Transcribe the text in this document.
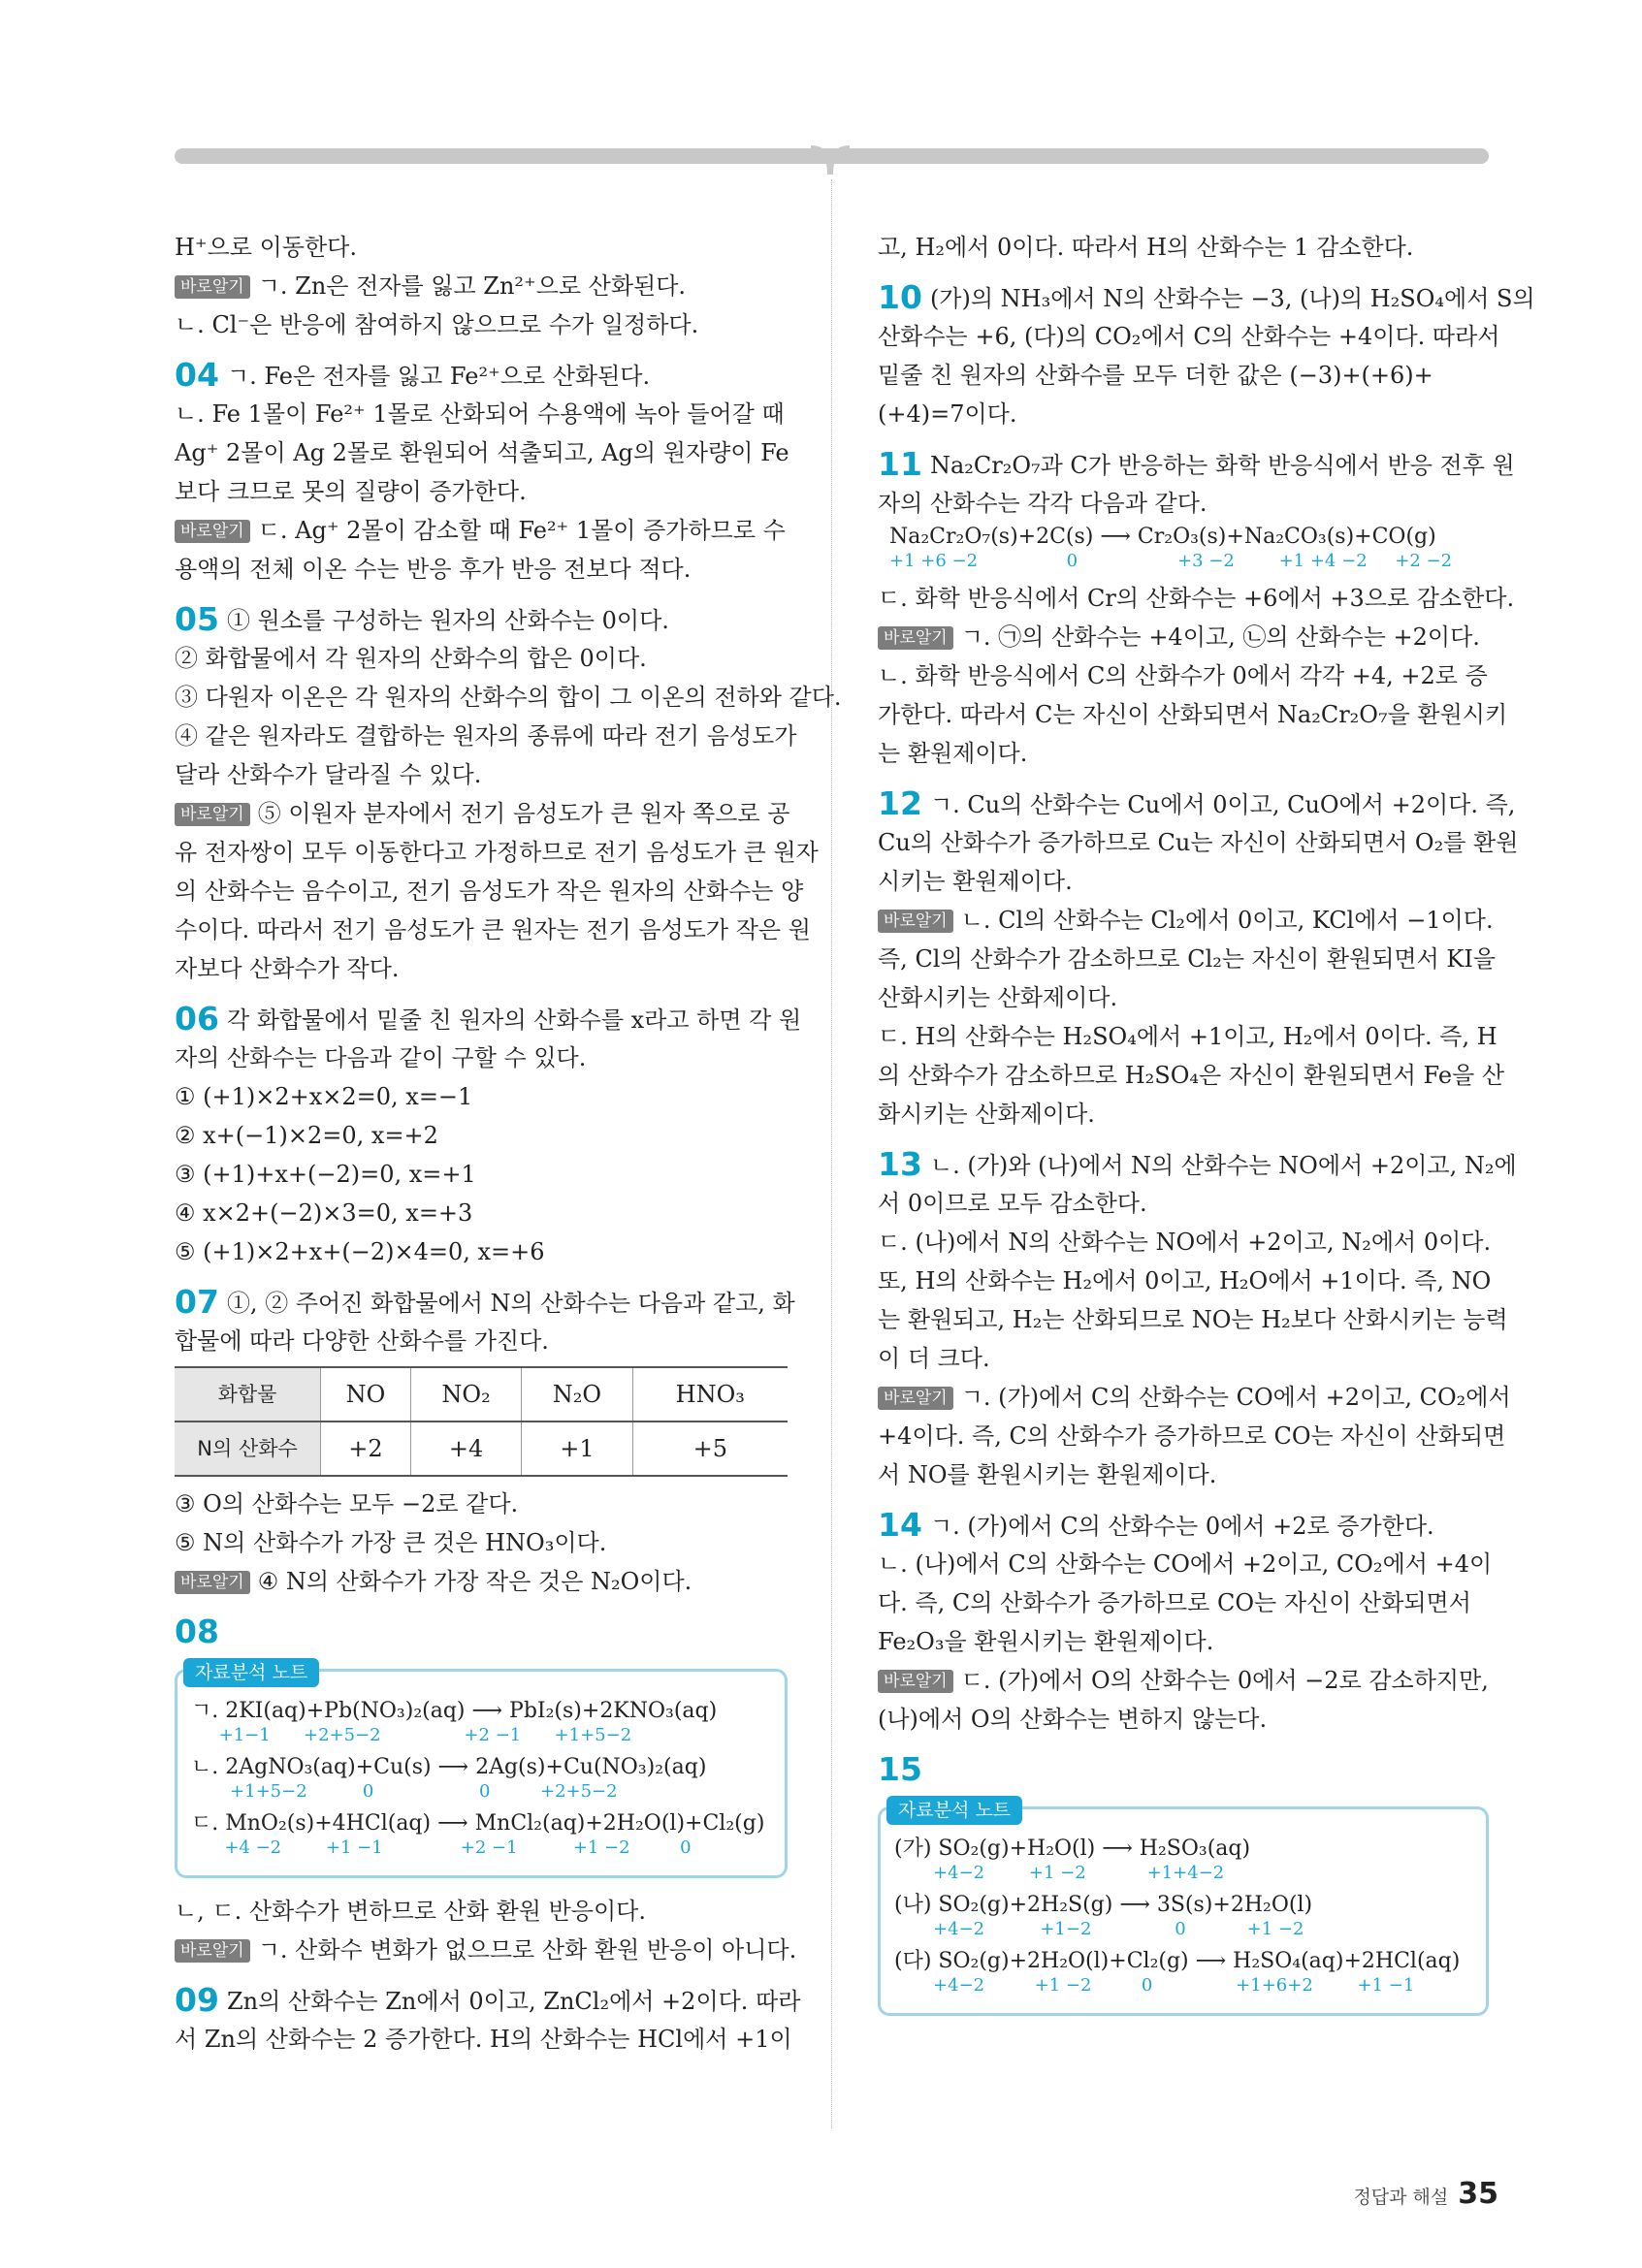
H⁺으로 이동한다.
바로알기 ㄱ. Zn은 전자를 잃고 Zn²⁺으로 산화된다.
ㄴ. Cl⁻은 반응에 참여하지 않으므로 수가 일정하다.
04 ㄱ. Fe은 전자를 잃고 Fe²⁺으로 산화된다.
ㄴ. Fe 1몰이 Fe²⁺ 1몰로 산화되어 수용액에 녹아 들어갈 때
Ag⁺ 2몰이 Ag 2몰로 환원되어 석출되고, Ag의 원자량이 Fe
보다 크므로 못의 질량이 증가한다.
바로알기 ㄷ. Ag⁺ 2몰이 감소할 때 Fe²⁺ 1몰이 증가하므로 수
용액의 전체 이온 수는 반응 후가 반응 전보다 적다.
05 ① 원소를 구성하는 원자의 산화수는 0이다.
② 화합물에서 각 원자의 산화수의 합은 0이다.
③ 다원자 이온은 각 원자의 산화수의 합이 그 이온의 전하와 같다.
④ 같은 원자라도 결합하는 원자의 종류에 따라 전기 음성도가
달라 산화수가 달라질 수 있다.
바로알기 ⑤ 이원자 분자에서 전기 음성도가 큰 원자 쪽으로 공
유 전자쌍이 모두 이동한다고 가정하므로 전기 음성도가 큰 원자
의 산화수는 음수이고, 전기 음성도가 작은 원자의 산화수는 양
수이다. 따라서 전기 음성도가 큰 원자는 전기 음성도가 작은 원
자보다 산화수가 작다.
06 각 화합물에서 밑줄 친 원자의 산화수를 x라고 하면 각 원
자의 산화수는 다음과 같이 구할 수 있다.
① (+1)×2+x×2=0, x=−1
② x+(−1)×2=0, x=+2
③ (+1)+x+(−2)=0, x=+1
④ x×2+(−2)×3=0, x=+3
⑤ (+1)×2+x+(−2)×4=0, x=+6
07 ①, ② 주어진 화합물에서 N의 산화수는 다음과 같고, 화
합물에 따라 다양한 산화수를 가진다.
화합물	NO	NO₂	N₂O	HNO₃
N의 산화수	+2	+4	+1	+5
③ O의 산화수는 모두 −2로 같다.
⑤ N의 산화수가 가장 큰 것은 HNO₃이다.
바로알기 ④ N의 산화수가 가장 작은 것은 N₂O이다.
08
자료분석 노트
ㄱ. 2KI(aq)+Pb(NO₃)₂(aq) ⟶ PbI₂(s)+2KNO₃(aq)
+1−1      +2+5−2               +2 −1      +1+5−2
ㄴ. 2AgNO₃(aq)+Cu(s) ⟶ 2Ag(s)+Cu(NO₃)₂(aq)
+1+5−2          0                   0         +2+5−2
ㄷ. MnO₂(s)+4HCl(aq) ⟶ MnCl₂(aq)+2H₂O(l)+Cl₂(g)
+4 −2        +1 −1              +2 −1          +1 −2         0
ㄴ, ㄷ. 산화수가 변하므로 산화 환원 반응이다.
바로알기 ㄱ. 산화수 변화가 없으므로 산화 환원 반응이 아니다.
09 Zn의 산화수는 Zn에서 0이고, ZnCl₂에서 +2이다. 따라
서 Zn의 산화수는 2 증가한다. H의 산화수는 HCl에서 +1이
고, H₂에서 0이다. 따라서 H의 산화수는 1 감소한다.
10 (가)의 NH₃에서 N의 산화수는 −3, (나)의 H₂SO₄에서 S의
산화수는 +6, (다)의 CO₂에서 C의 산화수는 +4이다. 따라서
밑줄 친 원자의 산화수를 모두 더한 값은 (−3)+(+6)+
(+4)=7이다.
11 Na₂Cr₂O₇과 C가 반응하는 화학 반응식에서 반응 전후 원
자의 산화수는 각각 다음과 같다.
Na₂Cr₂O₇(s)+2C(s) ⟶ Cr₂O₃(s)+Na₂CO₃(s)+CO(g)
+1 +6 −2                0                  +3 −2        +1 +4 −2     +2 −2
ㄷ. 화학 반응식에서 Cr의 산화수는 +6에서 +3으로 감소한다.
바로알기 ㄱ. ㉠의 산화수는 +4이고, ㉡의 산화수는 +2이다.
ㄴ. 화학 반응식에서 C의 산화수가 0에서 각각 +4, +2로 증
가한다. 따라서 C는 자신이 산화되면서 Na₂Cr₂O₇을 환원시키
는 환원제이다.
12 ㄱ. Cu의 산화수는 Cu에서 0이고, CuO에서 +2이다. 즉,
Cu의 산화수가 증가하므로 Cu는 자신이 산화되면서 O₂를 환원
시키는 환원제이다.
바로알기 ㄴ. Cl의 산화수는 Cl₂에서 0이고, KCl에서 −1이다.
즉, Cl의 산화수가 감소하므로 Cl₂는 자신이 환원되면서 KI을
산화시키는 산화제이다.
ㄷ. H의 산화수는 H₂SO₄에서 +1이고, H₂에서 0이다. 즉, H
의 산화수가 감소하므로 H₂SO₄은 자신이 환원되면서 Fe을 산
화시키는 산화제이다.
13 ㄴ. (가)와 (나)에서 N의 산화수는 NO에서 +2이고, N₂에
서 0이므로 모두 감소한다.
ㄷ. (나)에서 N의 산화수는 NO에서 +2이고, N₂에서 0이다.
또, H의 산화수는 H₂에서 0이고, H₂O에서 +1이다. 즉, NO
는 환원되고, H₂는 산화되므로 NO는 H₂보다 산화시키는 능력
이 더 크다.
바로알기 ㄱ. (가)에서 C의 산화수는 CO에서 +2이고, CO₂에서
+4이다. 즉, C의 산화수가 증가하므로 CO는 자신이 산화되면
서 NO를 환원시키는 환원제이다.
14 ㄱ. (가)에서 C의 산화수는 0에서 +2로 증가한다.
ㄴ. (나)에서 C의 산화수는 CO에서 +2이고, CO₂에서 +4이
다. 즉, C의 산화수가 증가하므로 CO는 자신이 산화되면서
Fe₂O₃을 환원시키는 환원제이다.
바로알기 ㄷ. (가)에서 O의 산화수는 0에서 −2로 감소하지만,
(나)에서 O의 산화수는 변하지 않는다.
15
자료분석 노트
(가) SO₂(g)+H₂O(l) ⟶ H₂SO₃(aq)
+4−2        +1 −2           +1+4−2
(나) SO₂(g)+2H₂S(g) ⟶ 3S(s)+2H₂O(l)
+4−2          +1−2               0           +1 −2
(다) SO₂(g)+2H₂O(l)+Cl₂(g) ⟶ H₂SO₄(aq)+2HCl(aq)
+4−2         +1 −2         0               +1+6+2        +1 −1
정답과 해설 35
